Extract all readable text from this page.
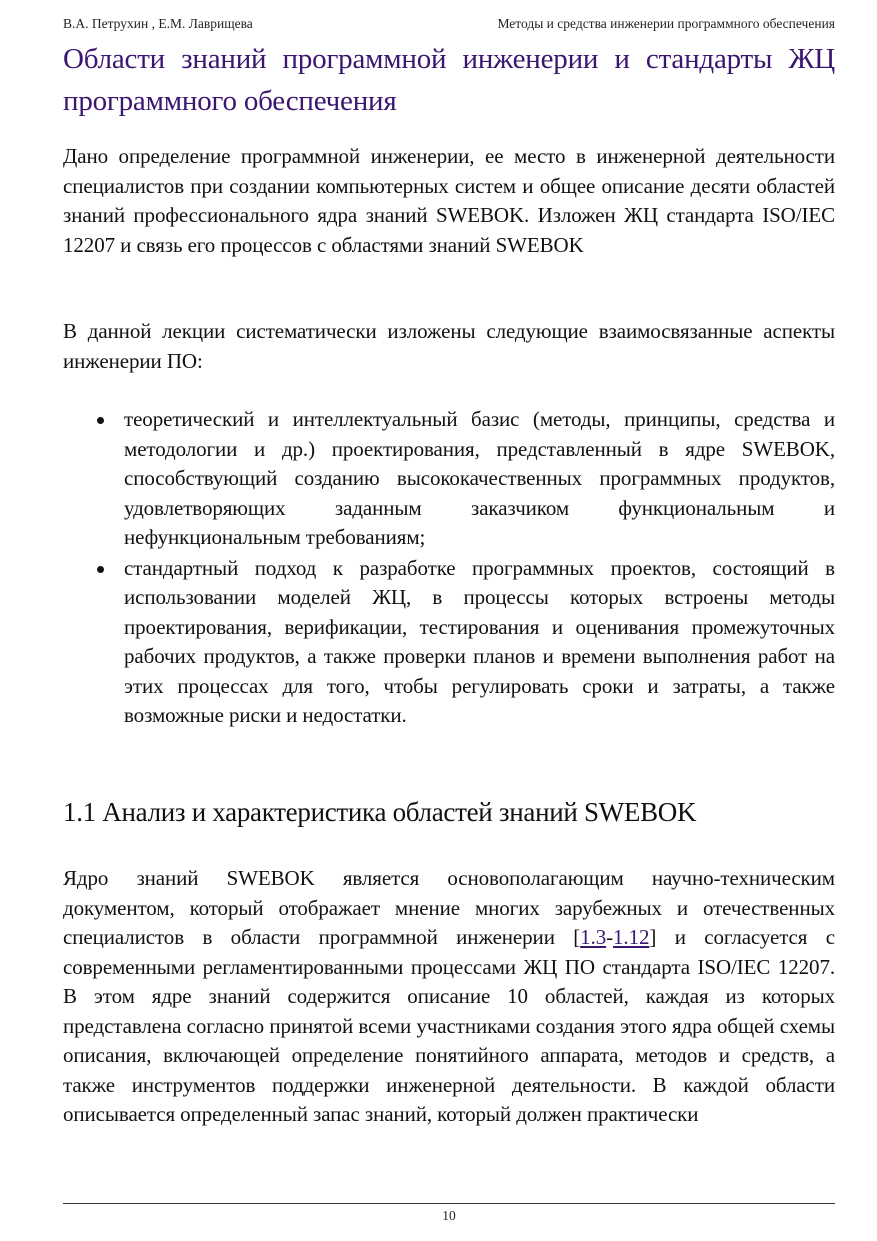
В.А. Петрухин , Е.М. Лаврищева	Методы и средства инженерии программного обеспечения
Области знаний программной инженерии и стандарты ЖЦ программного обеспечения

Дано определение программной инженерии, ее место в инженерной деятельности специалистов при создании компьютерных систем и общее описание десяти областей знаний профессионального ядра знаний SWEBOK. Изложен ЖЦ стандарта ISO/IEC 12207 и связь его процессов с областями знаний SWEBOK

В данной лекции систематически изложены следующие взаимосвязанные аспекты инженерии ПО:

теоретический и интеллектуальный базис (методы, принципы, средства и методологии и др.) проектирования, представленный в ядре SWEBOK, способствующий созданию высококачественных программных продуктов, удовлетворяющих заданным заказчиком функциональным и нефункциональным требованиям;
стандартный подход к разработке программных проектов, состоящий в использовании моделей ЖЦ, в процессы которых встроены методы проектирования, верификации, тестирования и оценивания промежуточных рабочих продуктов, а также проверки планов и времени выполнения работ на этих процессах для того, чтобы регулировать сроки и затраты, а также возможные риски и недостатки.
1.1 Анализ и характеристика областей знаний SWEBOK

Ядро знаний SWEBOK является основополагающим научно-техническим документом, который отображает мнение многих зарубежных и отечественных специалистов в области программной инженерии [1.3-1.12] и согласуется с современными регламентированными процессами ЖЦ ПО стандарта ISO/IEC 12207. В этом ядре знаний содержится описание 10 областей, каждая из которых представлена согласно принятой всеми участниками создания этого ядра общей схемы описания, включающей определение понятийного аппарата, методов и средств, а также инструментов поддержки инженерной деятельности. В каждой области описывается определенный запас знаний, который должен практически

10
